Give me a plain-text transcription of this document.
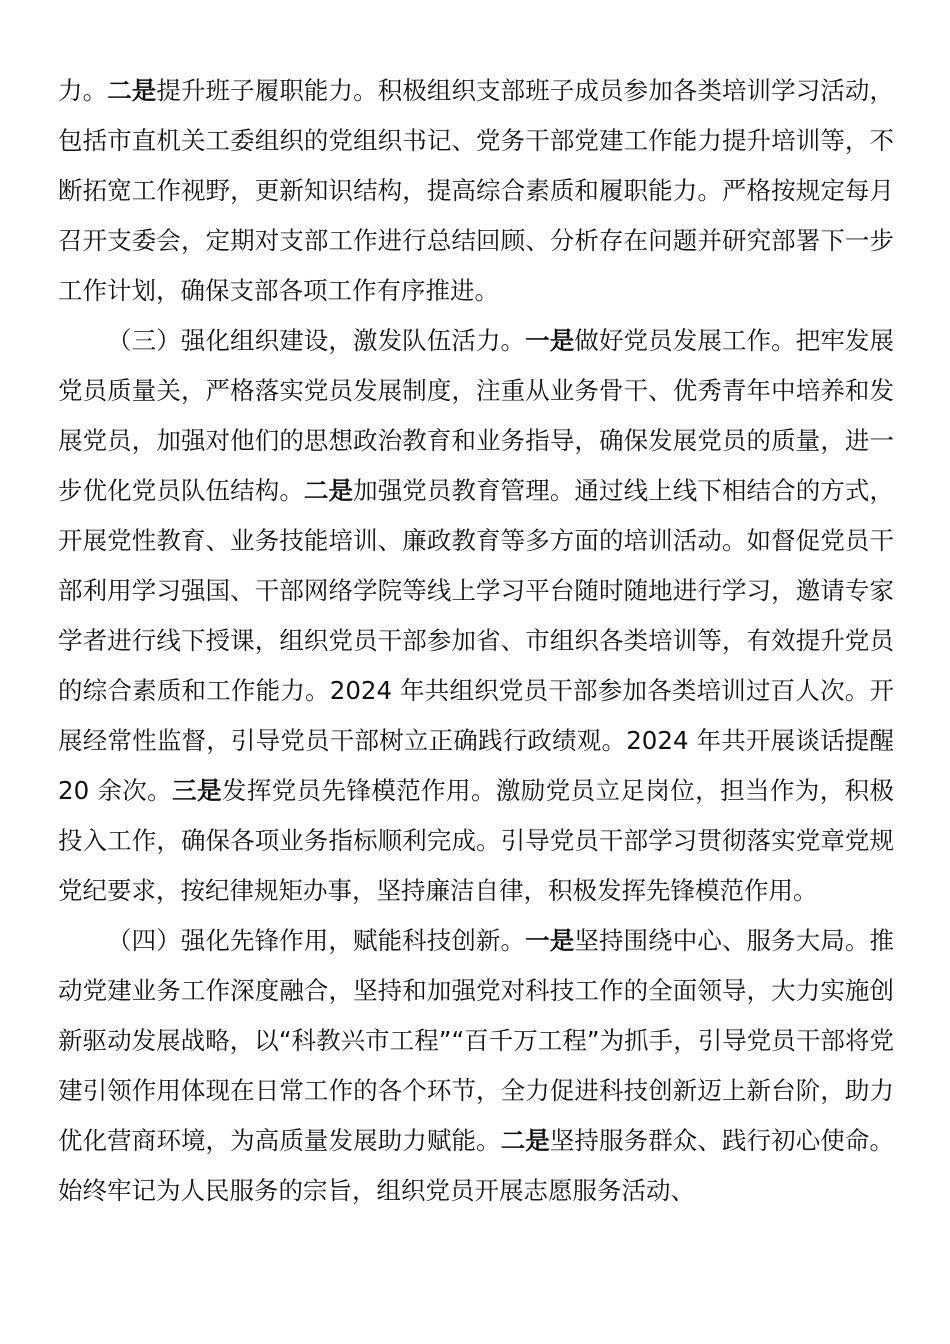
力。二是提升班子履职能力。积极组织支部班子成员参加各类培训学习活动，包括市直机关工委组织的党组织书记、党务干部党建工作能力提升培训等，不断拓宽工作视野，更新知识结构，提高综合素质和履职能力。严格按规定每月召开支委会，定期对支部工作进行总结回顾、分析存在问题并研究部署下一步工作计划，确保支部各项工作有序推进。

（三）强化组织建设，激发队伍活力。一是做好党员发展工作。把牢发展党员质量关，严格落实党员发展制度，注重从业务骨干、优秀青年中培养和发展党员，加强对他们的思想政治教育和业务指导，确保发展党员的质量，进一步优化党员队伍结构。二是加强党员教育管理。通过线上线下相结合的方式，开展党性教育、业务技能培训、廉政教育等多方面的培训活动。如督促党员干部利用学习强国、干部网络学院等线上学习平台随时随地进行学习，邀请专家学者进行线下授课，组织党员干部参加省、市组织各类培训等，有效提升党员的综合素质和工作能力。2024 年共组织党员干部参加各类培训过百人次。开展经常性监督，引导党员干部树立正确践行政绩观。2024 年共开展谈话提醒 20 余次。三是发挥党员先锋模范作用。激励党员立足岗位，担当作为，积极投入工作，确保各项业务指标顺利完成。引导党员干部学习贯彻落实党章党规党纪要求，按纪律规矩办事，坚持廉洁自律，积极发挥先锋模范作用。

（四）强化先锋作用，赋能科技创新。一是坚持围绕中心、服务大局。推动党建业务工作深度融合，坚持和加强党对科技工作的全面领导，大力实施创新驱动发展战略，以“科教兴市工程”“百千万工程”为抓手，引导党员干部将党建引领作用体现在日常工作的各个环节，全力促进科技创新迈上新台阶，助力优化营商环境，为高质量发展助力赋能。二是坚持服务群众、践行初心使命。始终牢记为人民服务的宗旨，组织党员开展志愿服务活动、
